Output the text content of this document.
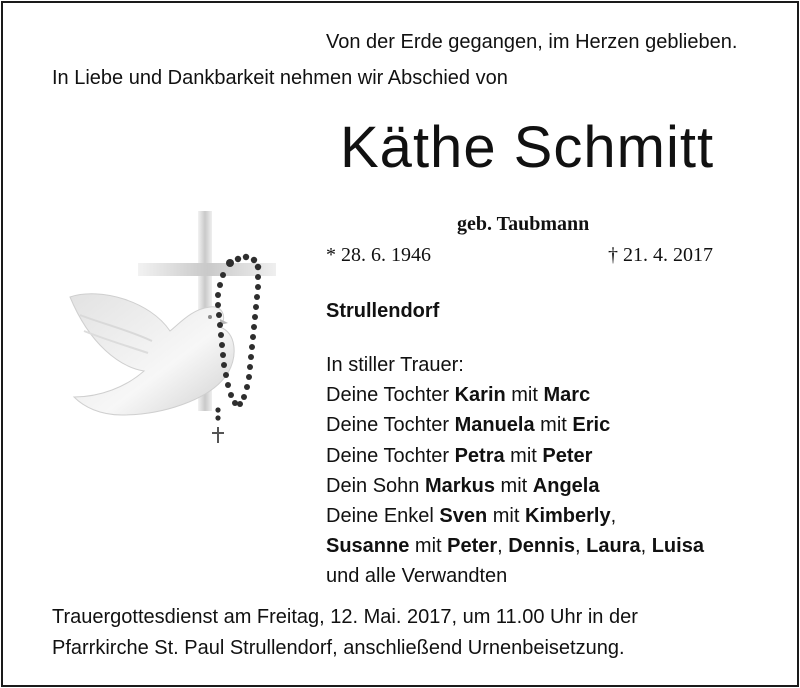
Von der Erde gegangen, im Herzen geblieben.
In Liebe und Dankbarkeit nehmen wir Abschied von
Käthe Schmitt
geb. Taubmann
* 28. 6. 1946	† 21. 4. 2017
Strullendorf
In stiller Trauer:
Deine Tochter Karin mit Marc
Deine Tochter Manuela mit Eric
Deine Tochter Petra mit Peter
Dein Sohn Markus mit Angela
Deine Enkel Sven mit Kimberly,
Susanne mit Peter, Dennis, Laura, Luisa
und alle Verwandten
Trauergottesdienst am Freitag, 12. Mai. 2017, um 11.00 Uhr in der
Pfarrkirche St. Paul Strullendorf, anschließend Urnenbeisetzung.
